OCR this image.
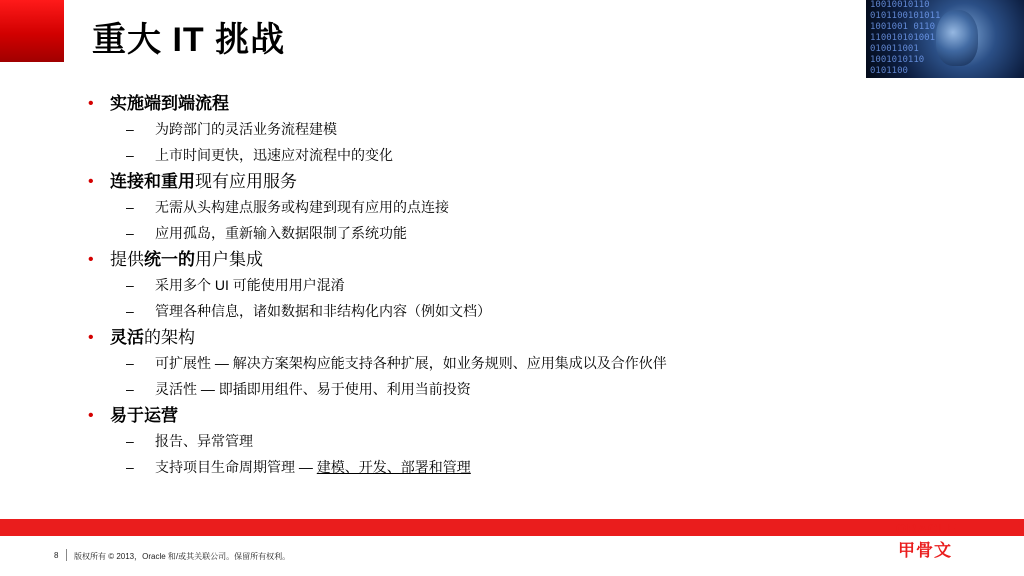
重大 IT 挑战
10010010110
0101100101011
1001001 0110
110010101001
010011001
1001010110
0101100
• 实施端到端流程
– 为跨部门的灵活业务流程建模
– 上市时间更快，迅速应对流程中的变化
• 连接和重用现有应用服务
– 无需从头构建点服务或构建到现有应用的点连接
– 应用孤岛，重新输入数据限制了系统功能
• 提供统一的用户集成
– 采用多个 UI 可能使用用户混淆
– 管理各种信息，诸如数据和非结构化内容（例如文档）
• 灵活的架构
– 可扩展性 — 解决方案架构应能支持各种扩展，如业务规则、应用集成以及合作伙伴
– 灵活性 — 即插即用组件、易于使用、利用当前投资
• 易于运营
– 报告、异常管理
– 支持项目生命周期管理 — 建模、开发、部署和管理
8 版权所有 © 2013，Oracle 和/或其关联公司。保留所有权利。
ORACLE
甲骨文
